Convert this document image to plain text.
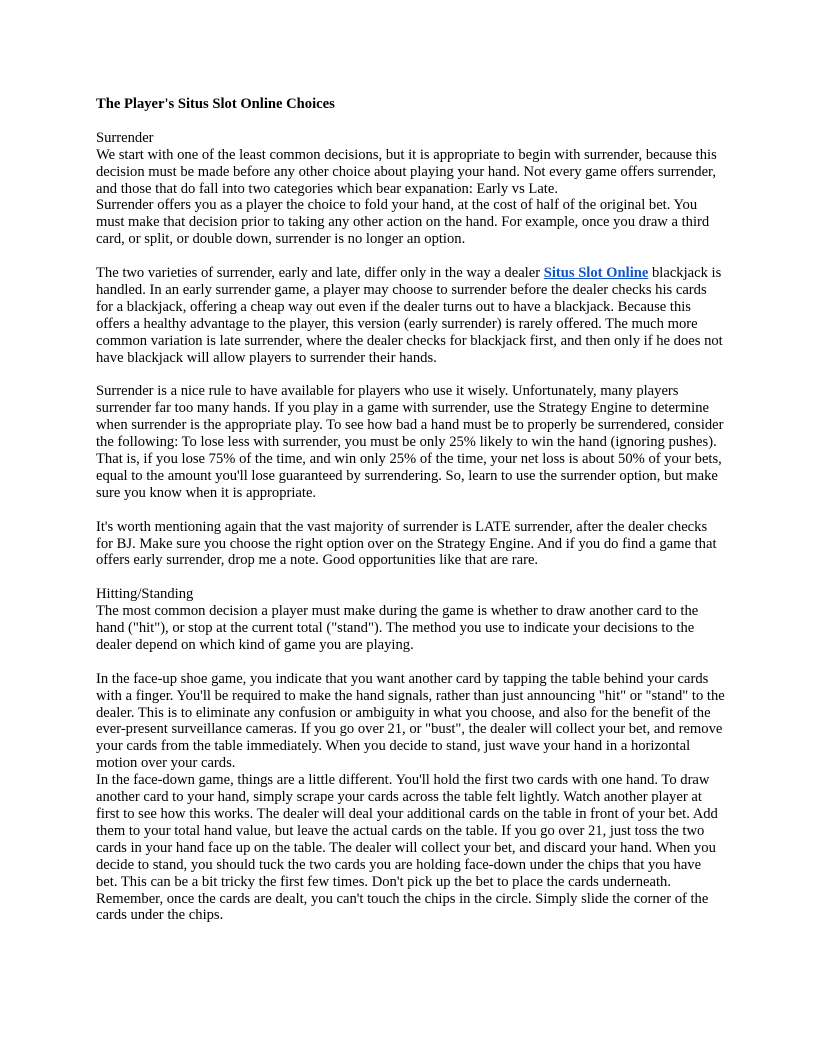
The Player's Situs Slot Online Choices

Surrender

We start with one of the least common decisions, but it is appropriate to begin with surrender, because this decision must be made before any other choice about playing your hand. Not every game offers surrender, and those that do fall into two categories which bear expanation: Early vs Late.

Surrender offers you as a player the choice to fold your hand, at the cost of half of the original bet. You must make that decision prior to taking any other action on the hand. For example, once you draw a third card, or split, or double down, surrender is no longer an option.

The two varieties of surrender, early and late, differ only in the way a dealer Situs Slot Online blackjack is handled. In an early surrender game, a player may choose to surrender before the dealer checks his cards for a blackjack, offering a cheap way out even if the dealer turns out to have a blackjack. Because this offers a healthy advantage to the player, this version (early surrender) is rarely offered. The much more common variation is late surrender, where the dealer checks for blackjack first, and then only if he does not have blackjack will allow players to surrender their hands.

Surrender is a nice rule to have available for players who use it wisely. Unfortunately, many players surrender far too many hands. If you play in a game with surrender, use the Strategy Engine to determine when surrender is the appropriate play. To see how bad a hand must be to properly be surrendered, consider the following: To lose less with surrender, you must be only 25% likely to win the hand (ignoring pushes). That is, if you lose 75% of the time, and win only 25% of the time, your net loss is about 50% of your bets, equal to the amount you'll lose guaranteed by surrendering. So, learn to use the surrender option, but make sure you know when it is appropriate.

It's worth mentioning again that the vast majority of surrender is LATE surrender, after the dealer checks for BJ. Make sure you choose the right option over on the Strategy Engine. And if you do find a game that offers early surrender, drop me a note. Good opportunities like that are rare.

Hitting/Standing

The most common decision a player must make during the game is whether to draw another card to the hand ("hit"), or stop at the current total ("stand"). The method you use to indicate your decisions to the dealer depend on which kind of game you are playing.

In the face-up shoe game, you indicate that you want another card by tapping the table behind your cards with a finger. You'll be required to make the hand signals, rather than just announcing "hit" or "stand" to the dealer. This is to eliminate any confusion or ambiguity in what you choose, and also for the benefit of the ever-present surveillance cameras. If you go over 21, or "bust", the dealer will collect your bet, and remove your cards from the table immediately. When you decide to stand, just wave your hand in a horizontal motion over your cards.

In the face-down game, things are a little different. You'll hold the first two cards with one hand. To draw another card to your hand, simply scrape your cards across the table felt lightly. Watch another player at first to see how this works. The dealer will deal your additional cards on the table in front of your bet. Add them to your total hand value, but leave the actual cards on the table. If you go over 21, just toss the two cards in your hand face up on the table. The dealer will collect your bet, and discard your hand. When you decide to stand, you should tuck the two cards you are holding face-down under the chips that you have bet. This can be a bit tricky the first few times. Don't pick up the bet to place the cards underneath. Remember, once the cards are dealt, you can't touch the chips in the circle. Simply slide the corner of the cards under the chips.
